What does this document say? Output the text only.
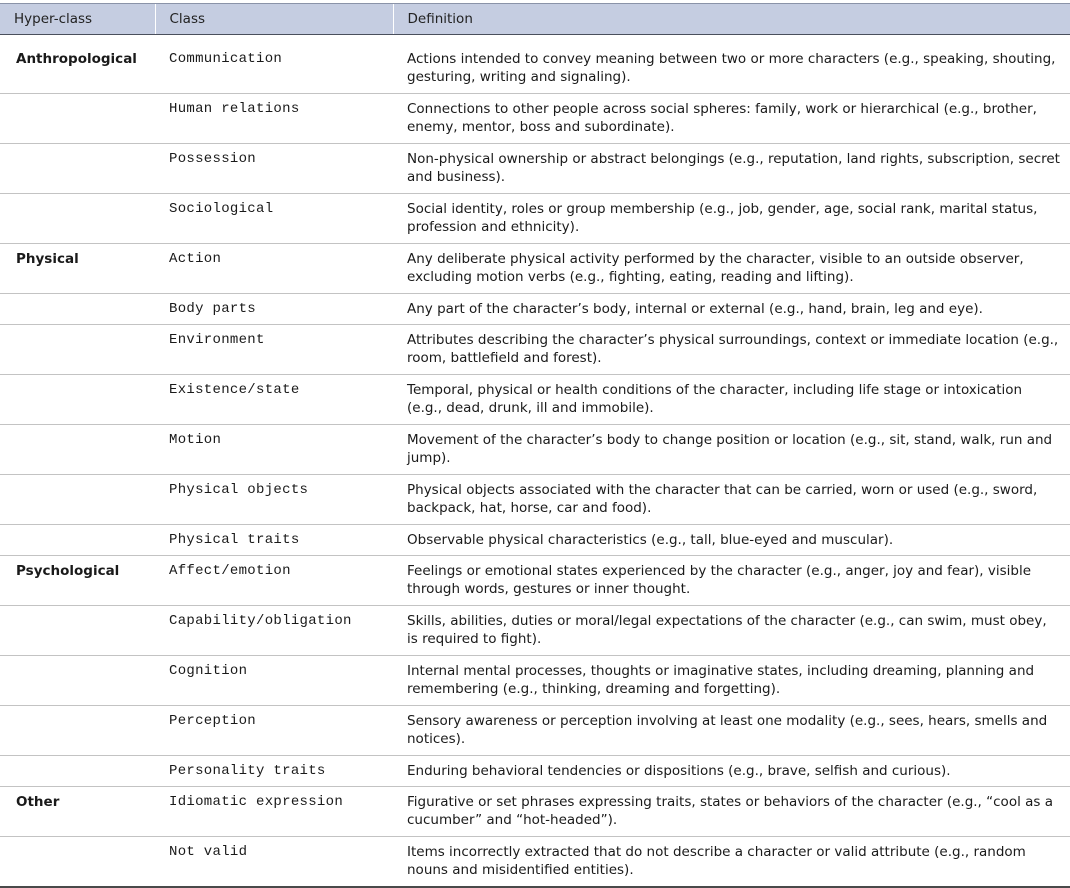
Hyper-class	Class	Definition

Anthropological	Communication	Actions intended to convey meaning between two or more characters (e.g., speaking, shouting, gesturing, writing and signaling).
	Human relations	Connections to other people across social spheres: family, work or hierarchical (e.g., brother, enemy, mentor, boss and subordinate).
	Possession	Non-physical ownership or abstract belongings (e.g., reputation, land rights, subscription, secret and business).
	Sociological	Social identity, roles or group membership (e.g., job, gender, age, social rank, marital status, profession and ethnicity).
Physical	Action	Any deliberate physical activity performed by the character, visible to an outside observer, excluding motion verbs (e.g., fighting, eating, reading and lifting).
	Body parts	Any part of the character’s body, internal or external (e.g., hand, brain, leg and eye).
	Environment	Attributes describing the character’s physical surroundings, context or immediate location (e.g., room, battlefield and forest).
	Existence/state	Temporal, physical or health conditions of the character, including life stage or intoxication (e.g., dead, drunk, ill and immobile).
	Motion	Movement of the character’s body to change position or location (e.g., sit, stand, walk, run and jump).
	Physical objects	Physical objects associated with the character that can be carried, worn or used (e.g., sword, backpack, hat, horse, car and food).
	Physical traits	Observable physical characteristics (e.g., tall, blue-eyed and muscular).
Psychological	Affect/emotion	Feelings or emotional states experienced by the character (e.g., anger, joy and fear), visible through words, gestures or inner thought.
	Capability/obligation	Skills, abilities, duties or moral/legal expectations of the character (e.g., can swim, must obey, is required to fight).
	Cognition	Internal mental processes, thoughts or imaginative states, including dreaming, planning and remembering (e.g., thinking, dreaming and forgetting).
	Perception	Sensory awareness or perception involving at least one modality (e.g., sees, hears, smells and notices).
	Personality traits	Enduring behavioral tendencies or dispositions (e.g., brave, selfish and curious).
Other	Idiomatic expression	Figurative or set phrases expressing traits, states or behaviors of the character (e.g., “cool as a cucumber” and “hot-headed”).
	Not valid	Items incorrectly extracted that do not describe a character or valid attribute (e.g., random nouns and misidentified entities).
